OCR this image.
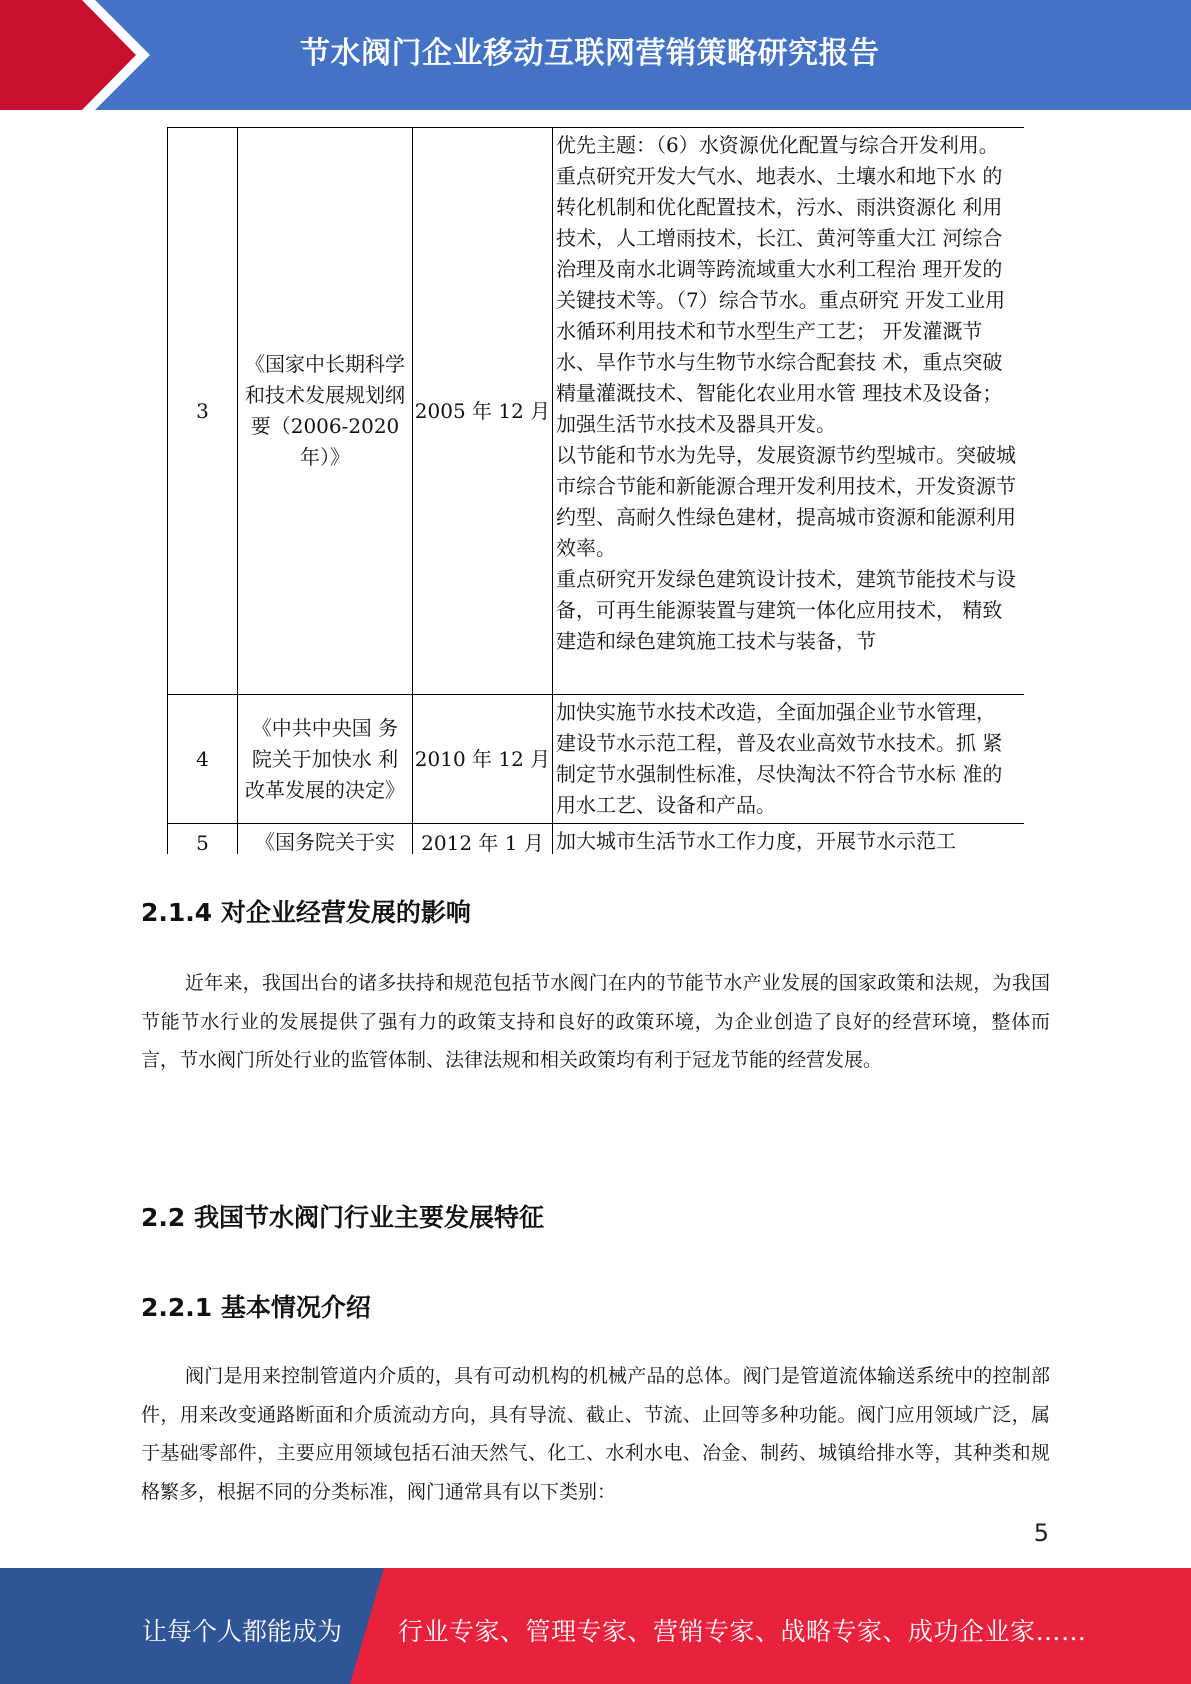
节水阀门企业移动互联网营销策略研究报告
3	《国家中长期科学和技术发展规划纲要（2006-2020年）》	2005 年 12 月	优先主题：（6）水资源优化配置与综合开发利用。 重点研究开发大气水、地表水、土壤水和地下水 的转化机制和优化配置技术，污水、雨洪资源化 利用技术，人工增雨技术，长江、黄河等重大江 河综合治理及南水北调等跨流域重大水利工程治 理开发的关键技术等。（7）综合节水。重点研究 开发工业用水循环利用技术和节水型生产工艺； 开发灌溉节水、旱作节水与生物节水综合配套技 术，重点突破精量灌溉技术、智能化农业用水管 理技术及设备；加强生活节水技术及器具开发。

以节能和节水为先导，发展资源节约型城市。突破城市综合节能和新能源合理开发利用技术，开发资源节约型、高耐久性绿色建材，提高城市资源和能源利用效率。

重点研究开发绿色建筑设计技术，建筑节能技术与设备，可再生能源装置与建筑一体化应用技术， 精致建造和绿色建筑施工技术与装备，节

4	《中共中央国 务院关于加快水 利改革发展的决定》	2010 年 12 月	加快实施节水技术改造，全面加强企业节水管理， 建设节水示范工程，普及农业高效节水技术。抓 紧制定节水强制性标准，尽快淘汰不符合节水标 准的用水工艺、设备和产品。

5	《国务院关于实	2012 年 1 月	加大城市生活节水工作力度，开展节水示范工

2.1.4 对企业经营发展的影响

近年来，我国出台的诸多扶持和规范包括节水阀门在内的节能节水产业发展的国家政策和法规，为我国节能节水行业的发展提供了强有力的政策支持和良好的政策环境，为企业创造了良好的经营环境，整体而言，节水阀门所处行业的监管体制、法律法规和相关政策均有利于冠龙节能的经营发展。

2.2 我国节水阀门行业主要发展特征
2.2.1 基本情况介绍

阀门是用来控制管道内介质的，具有可动机构的机械产品的总体。阀门是管道流体输送系统中的控制部件，用来改变通路断面和介质流动方向，具有导流、截止、节流、止回等多种功能。阀门应用领域广泛，属于基础零部件，主要应用领域包括石油天然气、化工、水利水电、冶金、制药、城镇给排水等，其种类和规格繁多，根据不同的分类标准，阀门通常具有以下类别：

5
让每个人都能成为 行业专家、管理专家、营销专家、战略专家、成功企业家……
